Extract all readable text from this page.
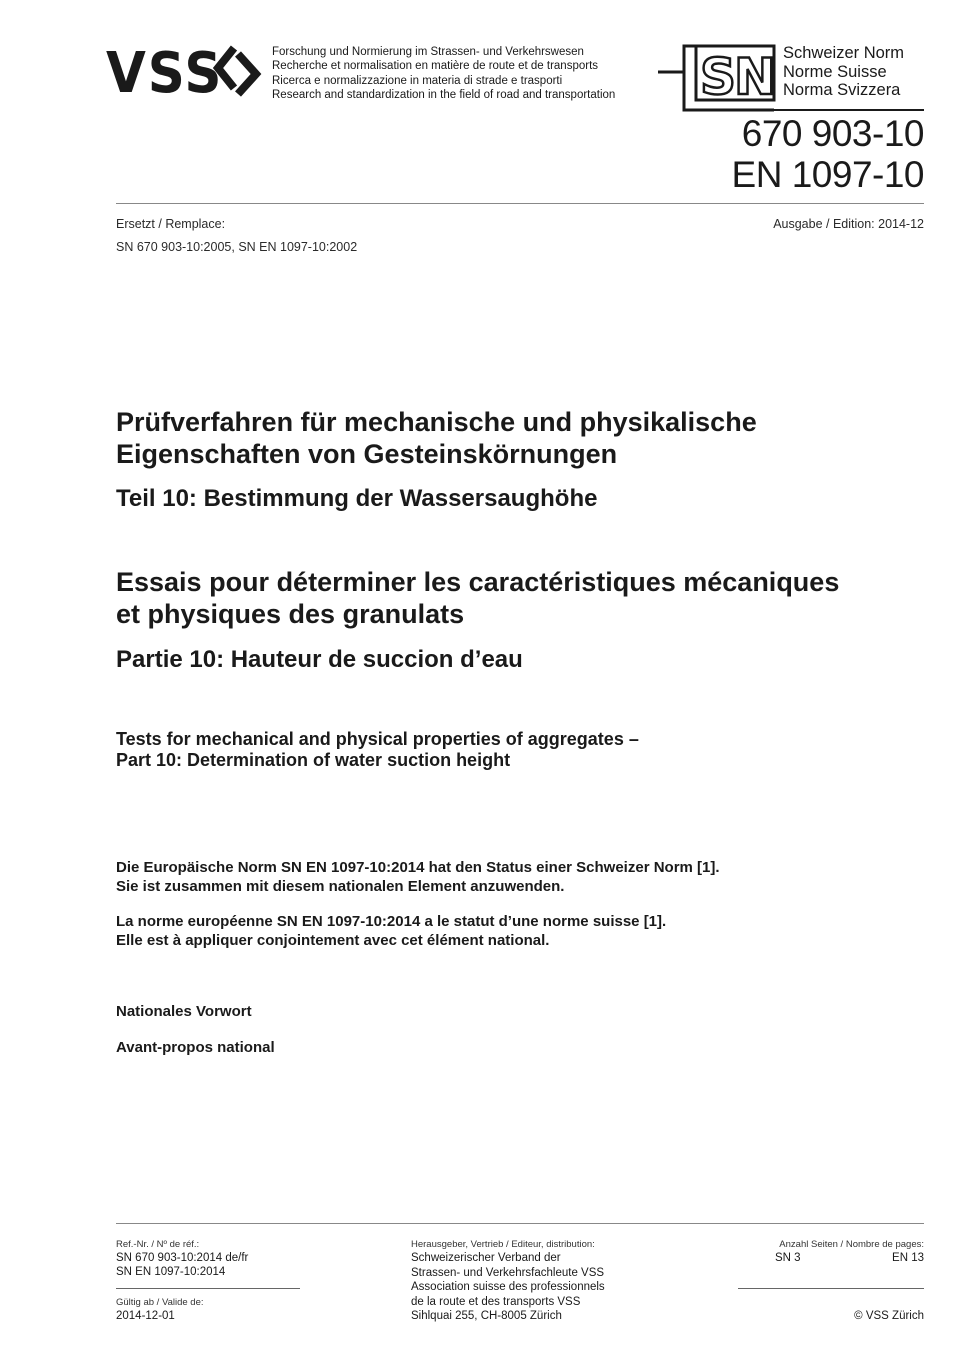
VSS	Forschung und Normierung im Strassen- und Verkehrswesen
Recherche et normalisation en matière de route et de transports
Ricerca e normalizzazione in materia di strade e trasporti
Research and standardization in the field of road and transportation SN Schweizer Norm
Norme Suisse
Norma Svizzera
670 903-10
EN 1097-10
Ersetzt / Remplace:
SN 670 903-10:2005, SN EN 1097-10:2002
Ausgabe / Edition: 2014-12
Prüfverfahren für mechanische und physikalische
Eigenschaften von Gesteinskörnungen
Teil 10: Bestimmung der Wassersaughöhe
Essais pour déterminer les caractéristiques mécaniques
et physiques des granulats
Partie 10: Hauteur de succion d’eau
Tests for mechanical and physical properties of aggregates –
Part 10: Determination of water suction height
Die Europäische Norm SN EN 1097-10:2014 hat den Status einer Schweizer Norm [1].
Sie ist zusammen mit diesem nationalen Element anzuwenden.
La norme européenne SN EN 1097-10:2014 a le statut d’une norme suisse [1].
Elle est à appliquer conjointement avec cet élément national.
Nationales Vorwort
Avant-propos national
Ref.-Nr. / Nº de réf.:
SN 670 903-10:2014 de/fr
SN EN 1097-10:2014
Gültig ab / Valide de:
2014-12-01
Herausgeber, Vertrieb / Editeur, distribution:
Schweizerischer Verband der
Strassen- und Verkehrsfachleute VSS
Association suisse des professionnels
de la route et des transports VSS
Sihlquai 255, CH-8005 Zürich
Anzahl Seiten / Nombre de pages:
SN 3	EN 13
© VSS Zürich
